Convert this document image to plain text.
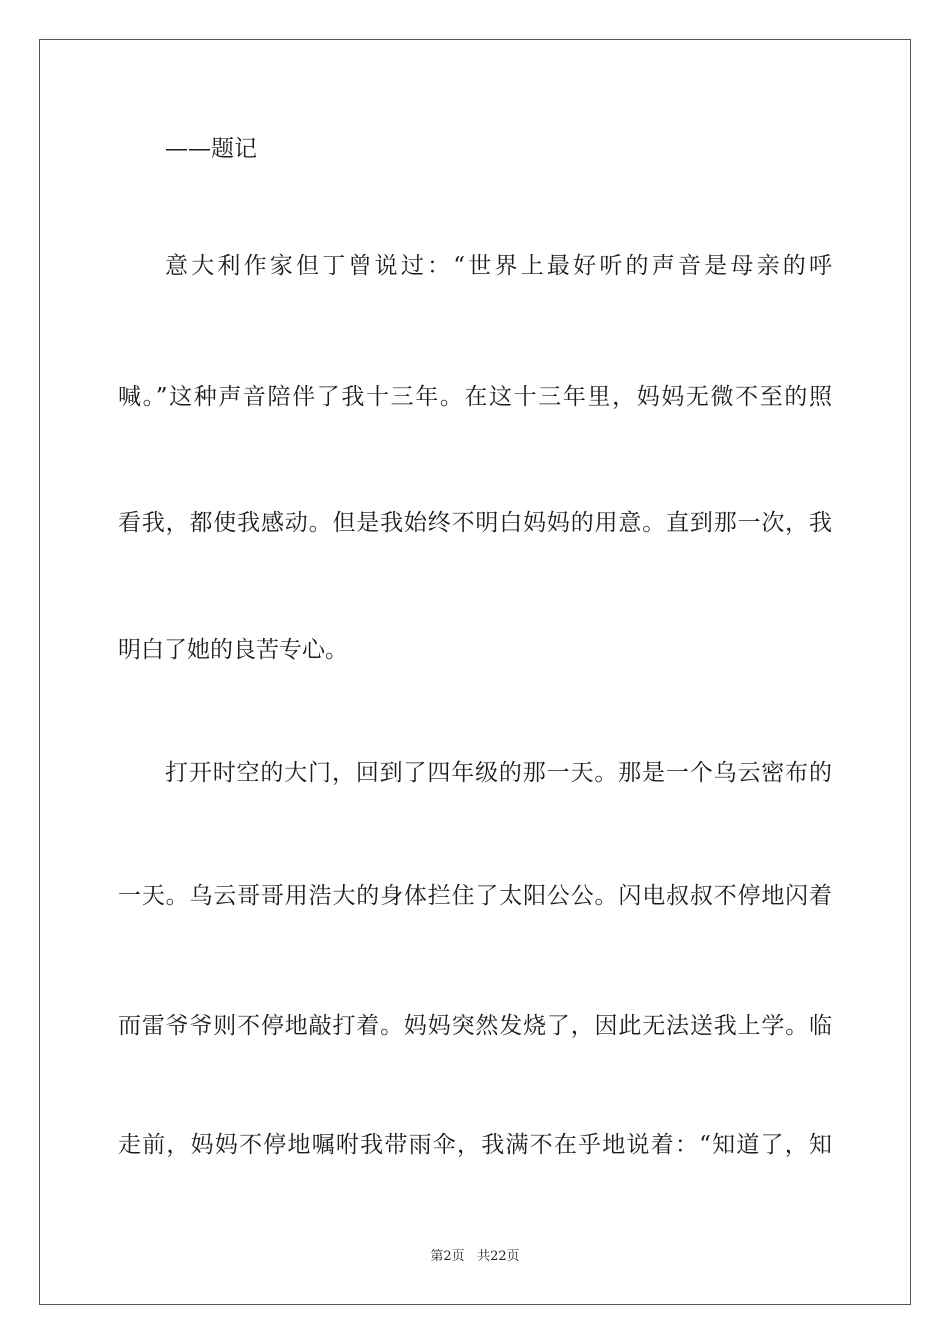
——题记
意大利作家但丁曾说过：“世界上最好听的声音是母亲的呼
喊。”这种声音陪伴了我十三年。在这十三年里，妈妈无微不至的照
看我，都使我感动。但是我始终不明白妈妈的用意。直到那一次，我
明白了她的良苦专心。
打开时空的大门，回到了四年级的那一天。那是一个乌云密布的
一天。乌云哥哥用浩大的身体拦住了太阳公公。闪电叔叔不停地闪着
而雷爷爷则不停地敲打着。妈妈突然发烧了，因此无法送我上学。临
走前，妈妈不停地嘱咐我带雨伞，我满不在乎地说着：“知道了，知
第2页 共22页
